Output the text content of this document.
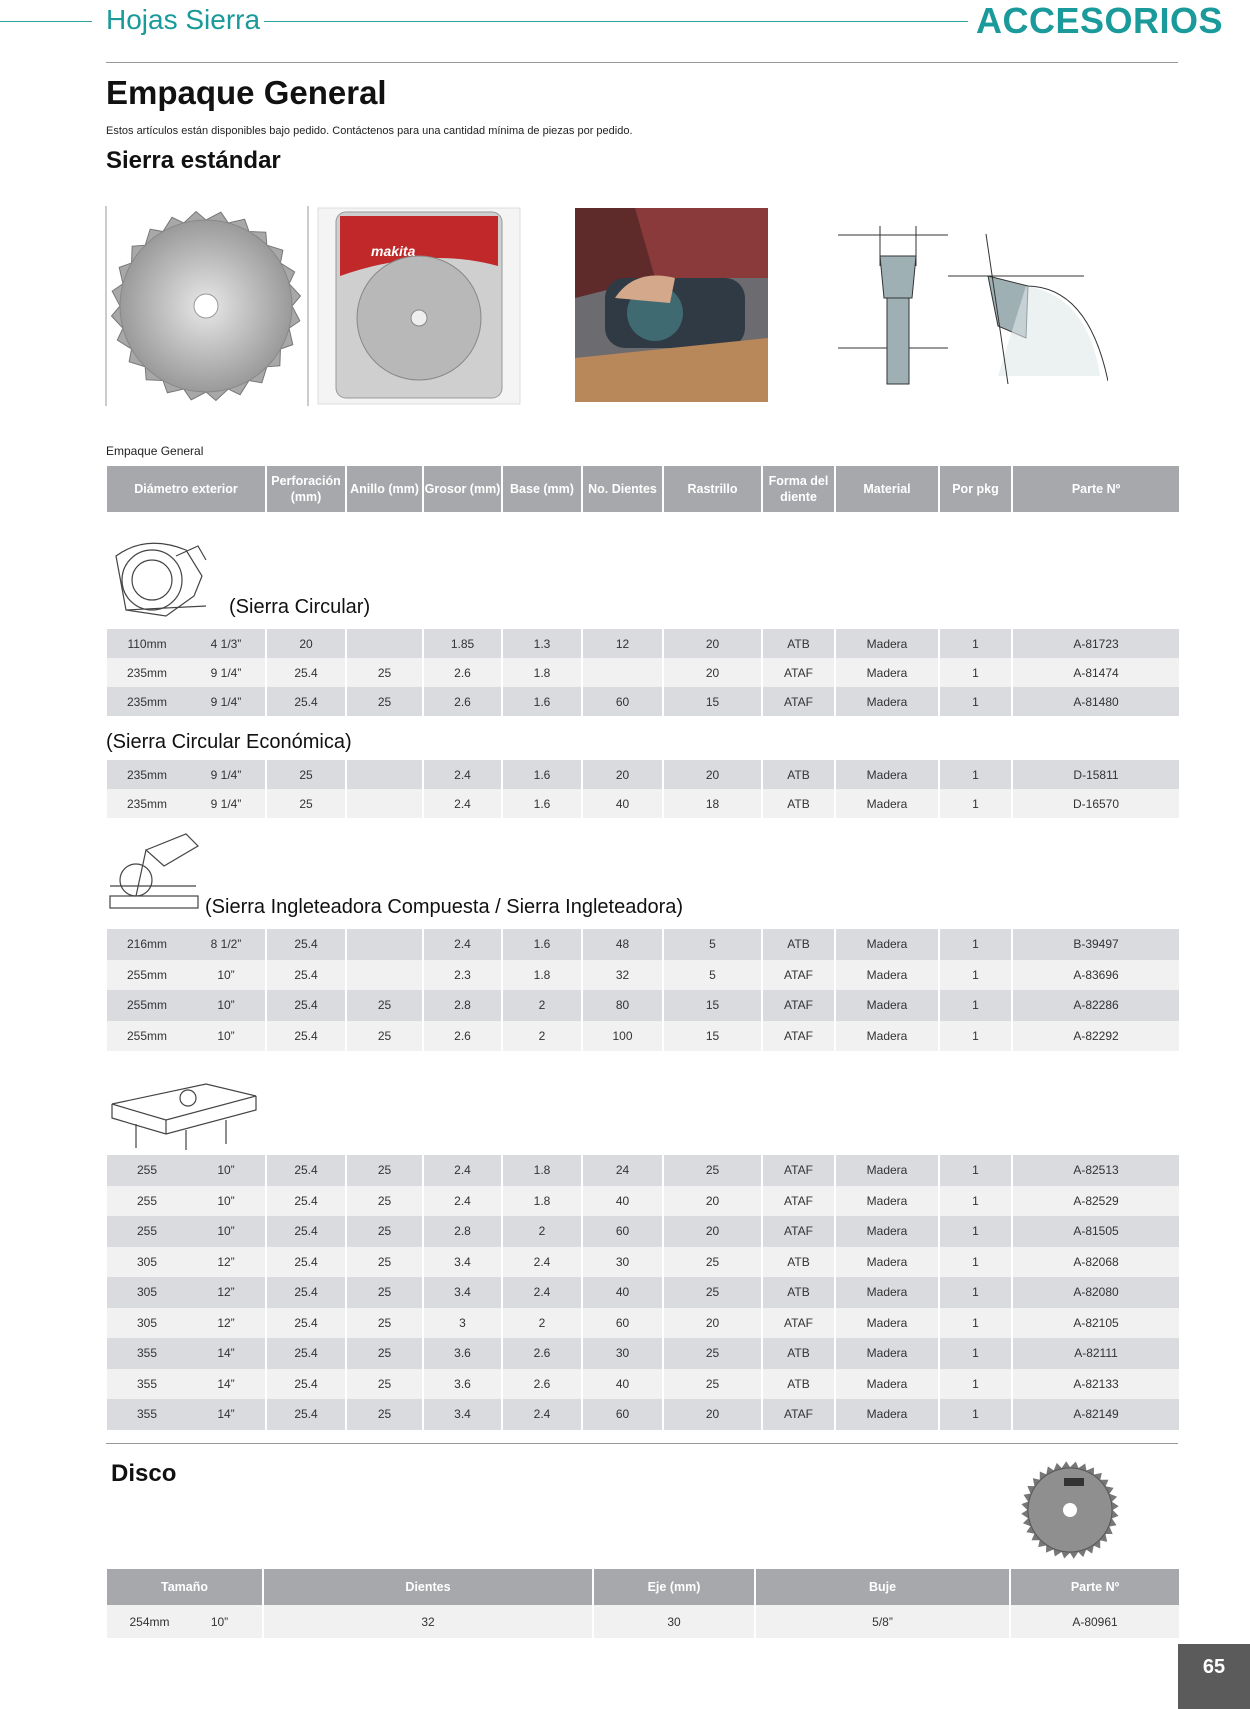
Hojas Sierra	ACCESORIOS
Empaque General
Estos artículos están disponibles bajo pedido. Contáctenos para una cantidad mínima de piezas por pedido.
Sierra estándar
makita
Empaque General
Diámetro exterior	Perforación (mm)	Anillo (mm)	Grosor (mm)	Base (mm)	No. Dientes	Rastrillo	Forma del diente	Material	Por pkg	Parte Nº
(Sierra Circular)
110mm	4 1/3”	20		1.85	1.3	12	20	ATB	Madera	1	A-81723
235mm	9 1/4”	25.4	25	2.6	1.8		20	ATAF	Madera	1	A-81474
235mm	9 1/4”	25.4	25	2.6	1.6	60	15	ATAF	Madera	1	A-81480
(Sierra Circular Económica)
235mm	9 1/4”	25		2.4	1.6	20	20	ATB	Madera	1	D-15811
235mm	9 1/4”	25		2.4	1.6	40	18	ATB	Madera	1	D-16570
(Sierra Ingleteadora Compuesta / Sierra Ingleteadora)
216mm	8 1/2”	25.4		2.4	1.6	48	5	ATB	Madera	1	B-39497
255mm	10”	25.4		2.3	1.8	32	5	ATAF	Madera	1	A-83696
255mm	10”	25.4	25	2.8	2	80	15	ATAF	Madera	1	A-82286
255mm	10”	25.4	25	2.6	2	100	15	ATAF	Madera	1	A-82292
255	10”	25.4	25	2.4	1.8	24	25	ATAF	Madera	1	A-82513
255	10”	25.4	25	2.4	1.8	40	20	ATAF	Madera	1	A-82529
255	10”	25.4	25	2.8	2	60	20	ATAF	Madera	1	A-81505
305	12”	25.4	25	3.4	2.4	30	25	ATB	Madera	1	A-82068
305	12”	25.4	25	3.4	2.4	40	25	ATB	Madera	1	A-82080
305	12”	25.4	25	3	2	60	20	ATAF	Madera	1	A-82105
355	14”	25.4	25	3.6	2.6	30	25	ATB	Madera	1	A-82111
355	14”	25.4	25	3.6	2.6	40	25	ATB	Madera	1	A-82133
355	14”	25.4	25	3.4	2.4	60	20	ATAF	Madera	1	A-82149
Disco
Tamaño	Dientes	Eje (mm)	Buje	Parte Nº
254mm 10”	32	30	5/8”	A-80961
65
